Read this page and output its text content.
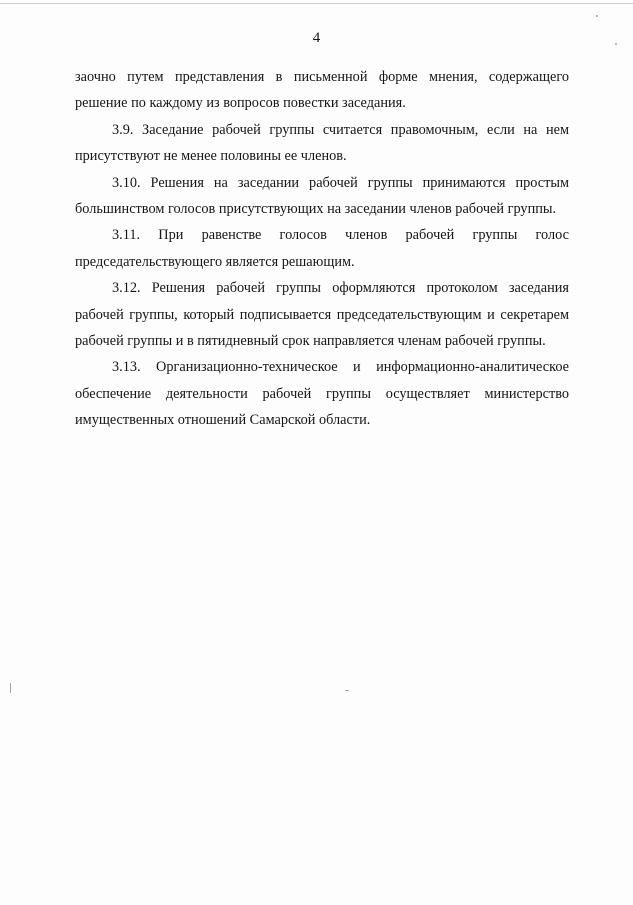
4

заочно путем представления в письменной форме мнения, содержащего решение по каждому из вопросов повестки заседания.

3.9. Заседание рабочей группы считается правомочным, если на нем присутствуют не менее половины ее членов.

3.10. Решения на заседании рабочей группы принимаются простым большинством голосов присутствующих на заседании членов рабочей группы.

3.11. При равенстве голосов членов рабочей группы голос председательствующего является решающим.

3.12. Решения рабочей группы оформляются протоколом заседания рабочей группы, который подписывается председательствующим и секретарем рабочей группы и в пятидневный срок направляется членам рабочей группы.

3.13. Организационно-техническое и информационно-аналитическое обеспечение деятельности рабочей группы осуществляет министерство имущественных отношений Самарской области.
